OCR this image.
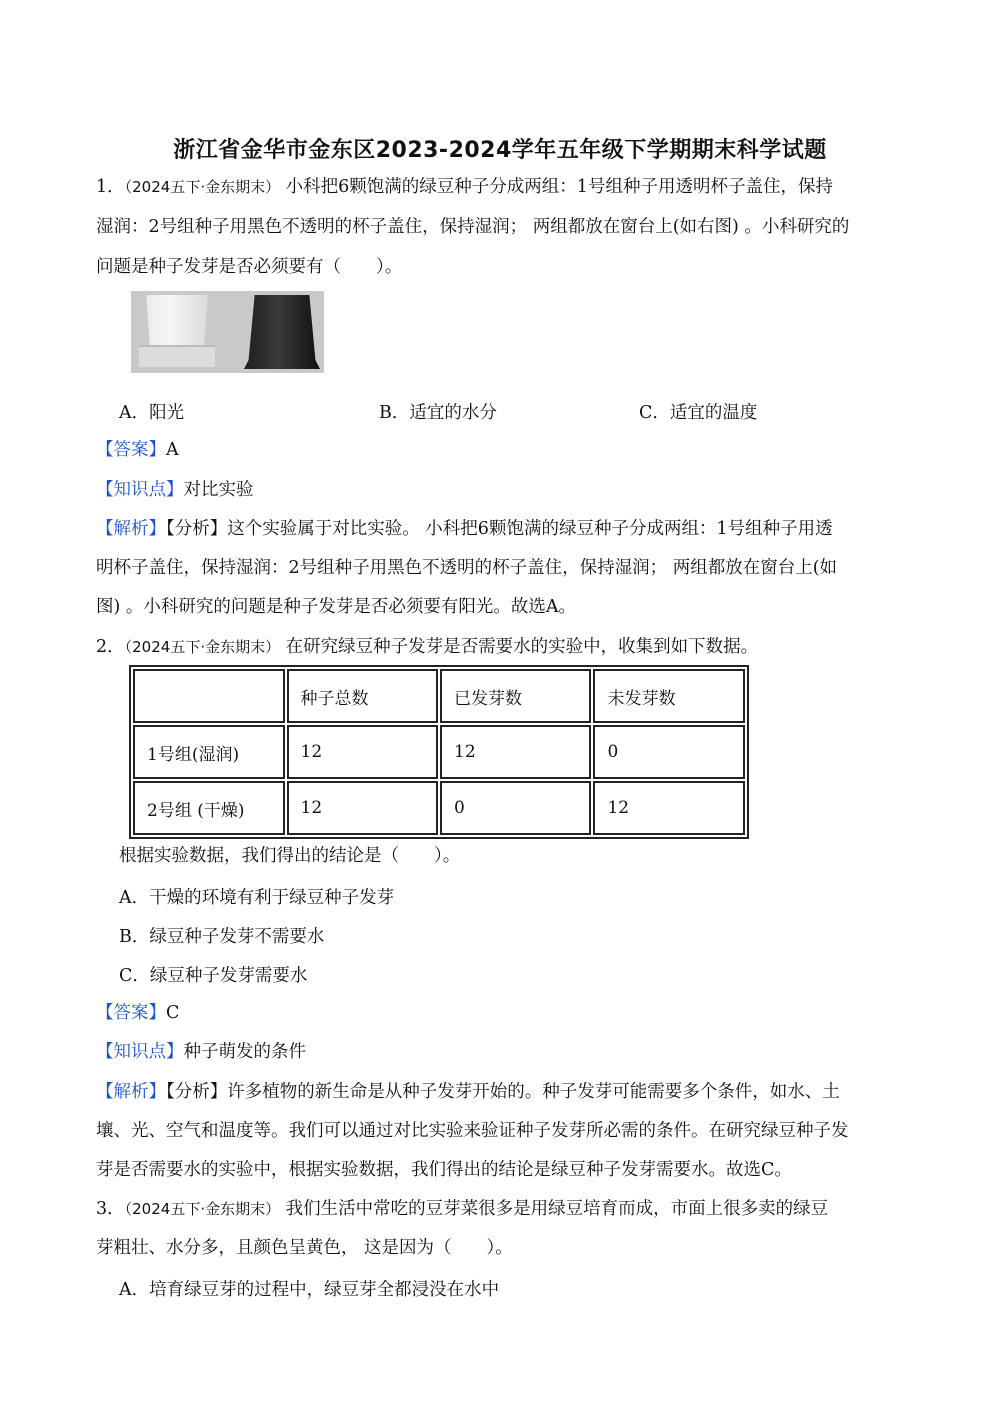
浙江省金华市金东区2023-2024学年五年级下学期期末科学试题
1．（2024五下·金东期末） 小科把6颗饱满的绿豆种子分成两组：1号组种子用透明杯子盖住，保持
湿润：2号组种子用黑色不透明的杯子盖住，保持湿润； 两组都放在窗台上(如右图) 。小科研究的
问题是种子发芽是否必须要有（　　）。
A．阳光	B．适宜的水分	C．适宜的温度
【答案】A
【知识点】对比实验
【解析】【分析】这个实验属于对比实验。 小科把6颗饱满的绿豆种子分成两组：1号组种子用透
明杯子盖住，保持湿润：2号组种子用黑色不透明的杯子盖住，保持湿润； 两组都放在窗台上(如
图) 。小科研究的问题是种子发芽是否必须要有阳光。故选A。
2．（2024五下·金东期末） 在研究绿豆种子发芽是否需要水的实验中，收集到如下数据。
	种子总数	已发芽数	未发芽数
1号组(湿润)	12	12	0
2号组 (干燥)	12	0	12
根据实验数据，我们得出的结论是（　　）。
A．干燥的环境有利于绿豆种子发芽
B．绿豆种子发芽不需要水
C．绿豆种子发芽需要水
【答案】C
【知识点】种子萌发的条件
【解析】【分析】许多植物的新生命是从种子发芽开始的。种子发芽可能需要多个条件，如水、土
壤、光、空气和温度等。我们可以通过对比实验来验证种子发芽所必需的条件。在研究绿豆种子发
芽是否需要水的实验中，根据实验数据，我们得出的结论是绿豆种子发芽需要水。故选C。
3．（2024五下·金东期末） 我们生活中常吃的豆芽菜很多是用绿豆培育而成，市面上很多卖的绿豆
芽粗壮、水分多，且颜色呈黄色， 这是因为（　　）。
A．培育绿豆芽的过程中，绿豆芽全都浸没在水中
